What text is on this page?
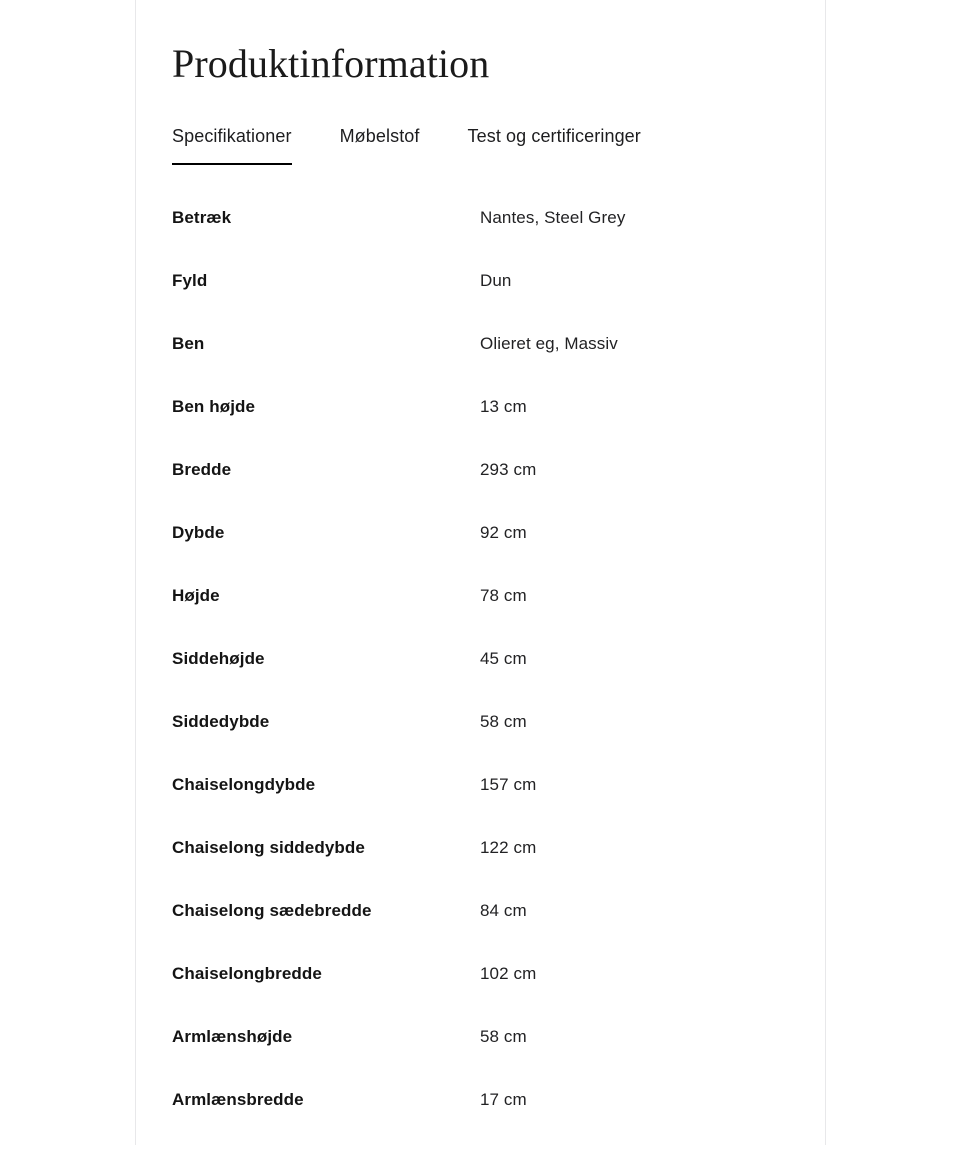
Produktinformation
Specifikationer	Møbelstof	Test og certificeringer
Betræk	Nantes, Steel Grey
Fyld	Dun
Ben	Olieret eg, Massiv
Ben højde	13 cm
Bredde	293 cm
Dybde	92 cm
Højde	78 cm
Siddehøjde	45 cm
Siddedybde	58 cm
Chaiselongdybde	157 cm
Chaiselong siddedybde	122 cm
Chaiselong sædebredde	84 cm
Chaiselongbredde	102 cm
Armlænshøjde	58 cm
Armlænsbredde	17 cm
